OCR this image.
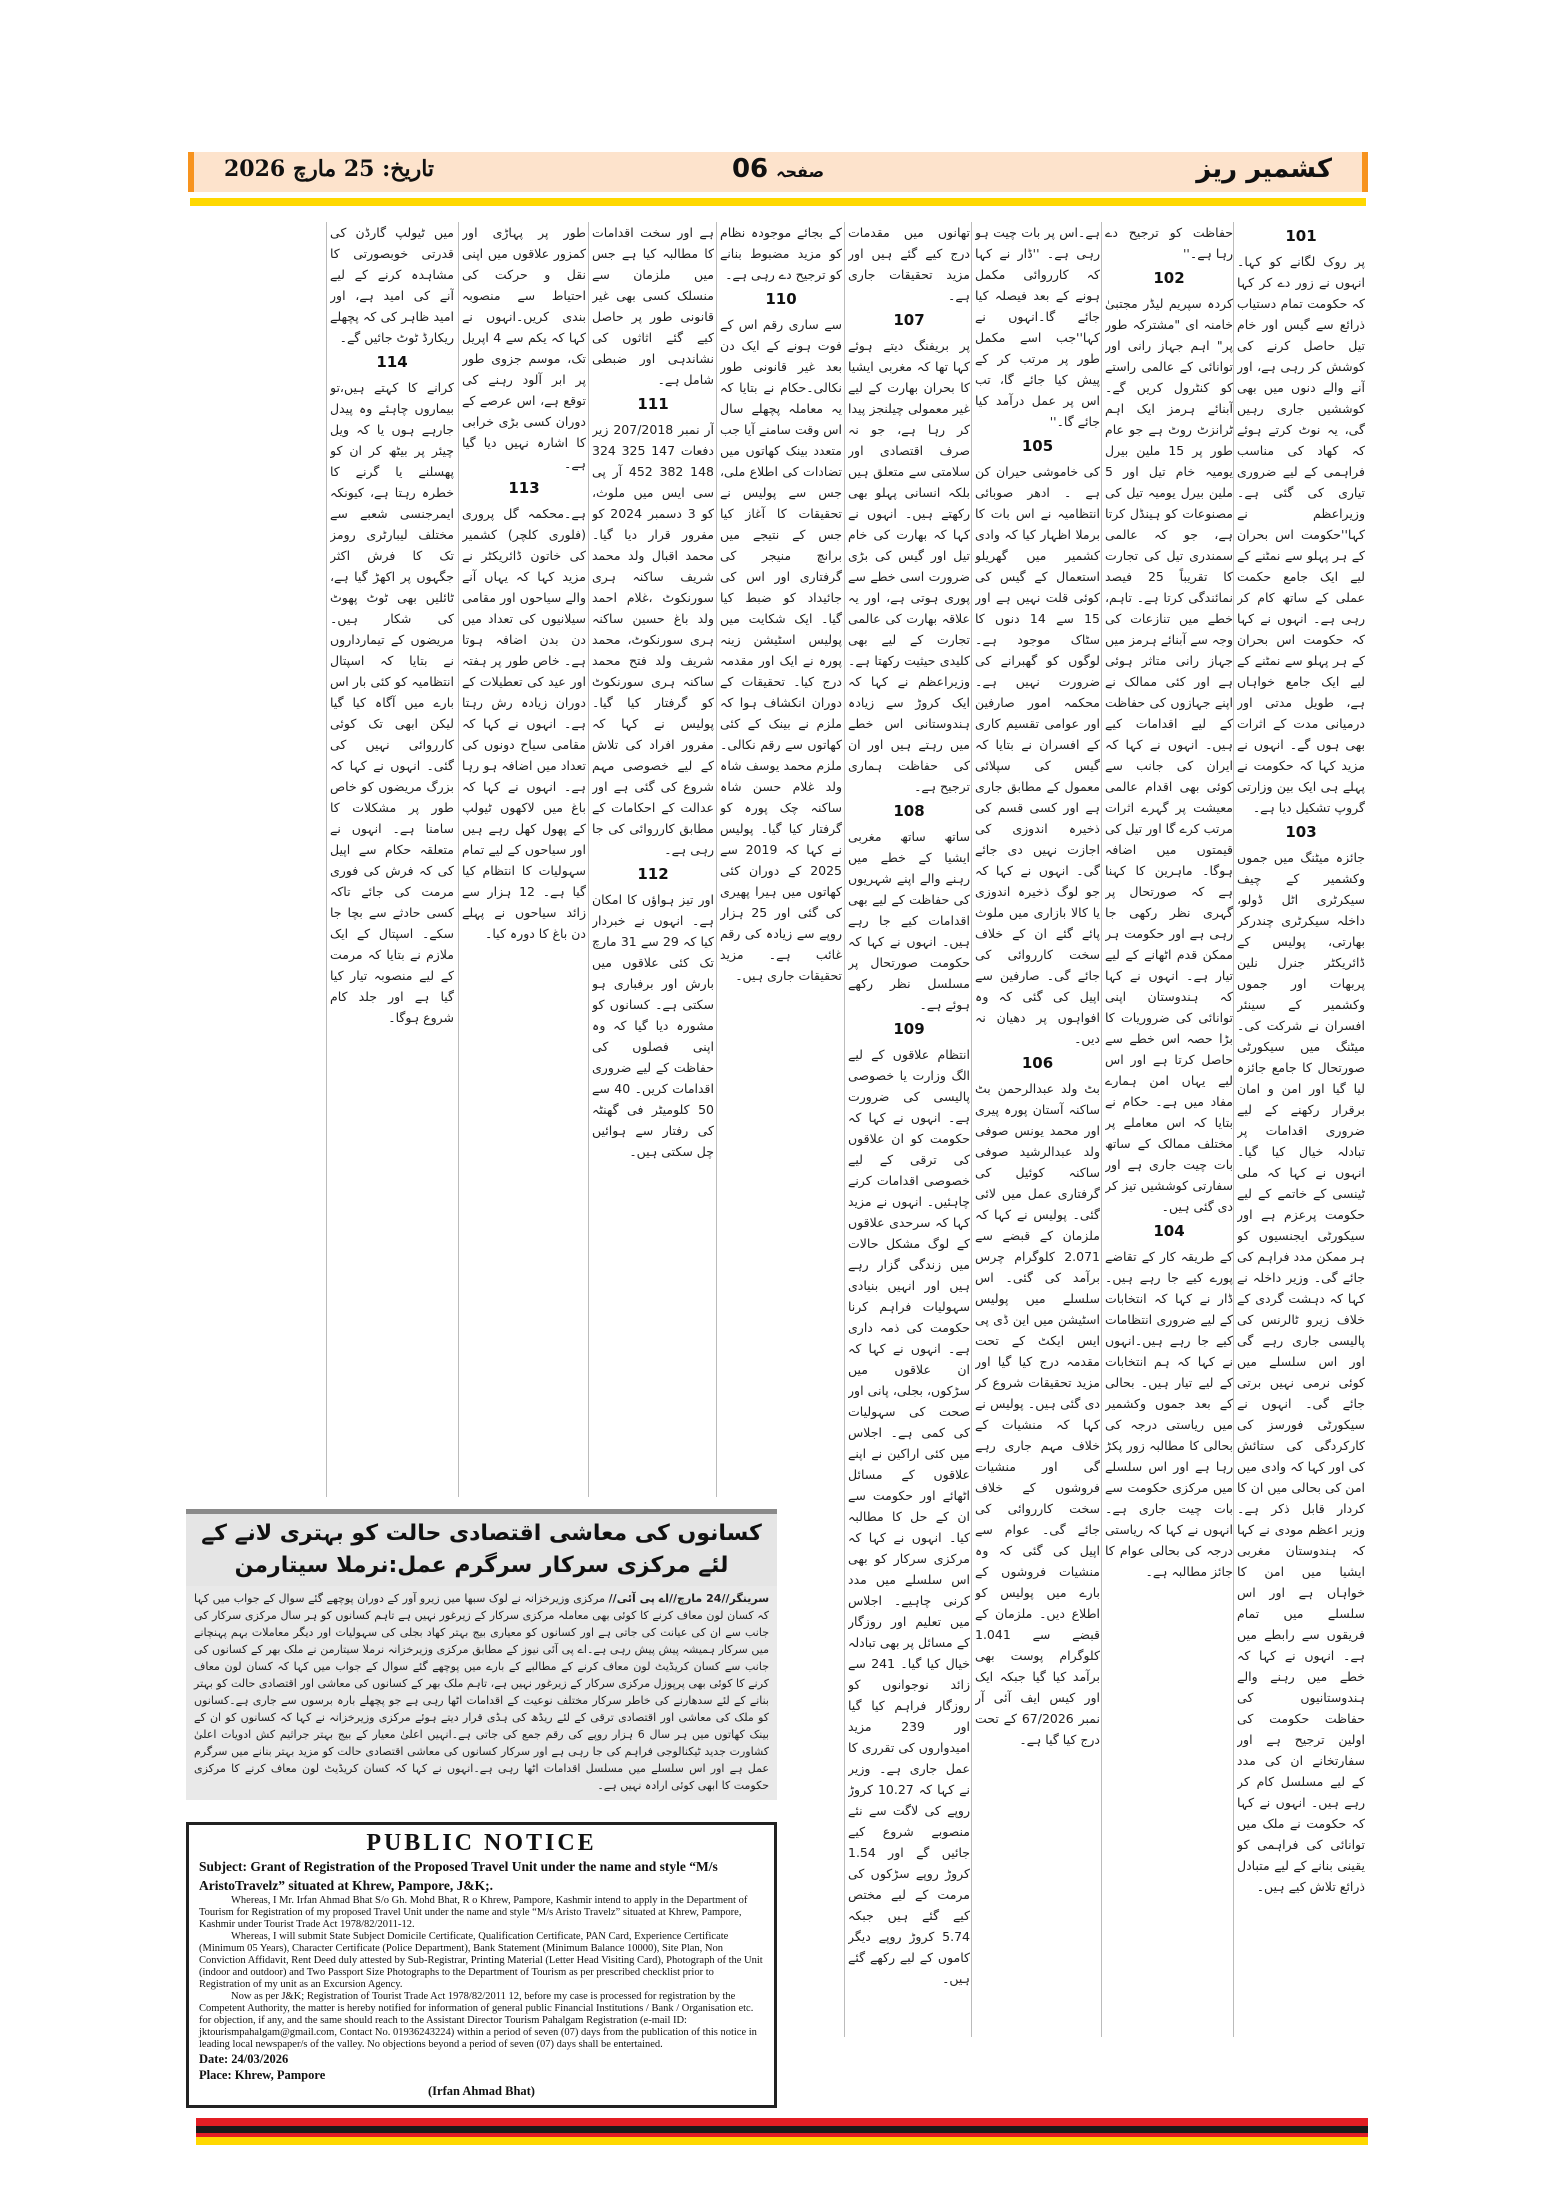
کشمیر ریز
صفحہ06
تاریخ: 25 مارچ 2026
101

پر روک لگانے کو کہا۔انہوں نے زور دے کر کہا کہ حکومت تمام دستیاب ذرائع سے گیس اور خام تیل حاصل کرنے کی کوشش کر رہی ہے، اور آنے والے دنوں میں بھی کوششیں جاری رہیں گی، یہ نوٹ کرتے ہوئے کہ کھاد کی مناسب فراہمی کے لیے ضروری تیاری کی گئی ہے۔وزیراعظم نے کہا''حکومت اس بحران کے ہر پہلو سے نمٹنے کے لیے ایک جامع حکمت عملی کے ساتھ کام کر رہی ہے۔ انہوں نے کہا کہ حکومت اس بحران کے ہر پہلو سے نمٹنے کے لیے ایک جامع خواہاں ہے، طویل مدتی اور درمیانی مدت کے اثرات بھی ہوں گے۔ انہوں نے مزید کہا کہ حکومت نے پہلے ہی ایک بین وزارتی گروپ تشکیل دیا ہے۔

103

جائزہ میٹنگ میں جموں وکشمیر کے چیف سیکرٹری اٹل ڈولو، داخلہ سیکرٹری چندرکر بھارتی، پولیس کے ڈائریکٹر جنرل نلین پربھات اور جموں وکشمیر کے سینئر افسران نے شرکت کی۔ میٹنگ میں سیکورٹی صورتحال کا جامع جائزہ لیا گیا اور امن و امان برقرار رکھنے کے لیے ضروری اقدامات پر تبادلہ خیال کیا گیا۔ انہوں نے کہا کہ ملی ٹینسی کے خاتمے کے لیے حکومت پرعزم ہے اور سیکورٹی ایجنسیوں کو ہر ممکن مدد فراہم کی جائے گی۔ وزیر داخلہ نے کہا کہ دہشت گردی کے خلاف زیرو ٹالرنس کی پالیسی جاری رہے گی اور اس سلسلے میں کوئی نرمی نہیں برتی جائے گی۔ انہوں نے سیکورٹی فورسز کی کارکردگی کی ستائش کی اور کہا کہ وادی میں امن کی بحالی میں ان کا کردار قابل ذکر ہے۔ وزیر اعظم مودی نے کہا کہ ہندوستان مغربی ایشیا میں امن کا خواہاں ہے اور اس سلسلے میں تمام فریقوں سے رابطے میں ہے۔ انہوں نے کہا کہ خطے میں رہنے والے ہندوستانیوں کی حفاظت حکومت کی اولین ترجیح ہے اور سفارتخانے ان کی مدد کے لیے مسلسل کام کر رہے ہیں۔ انہوں نے کہا کہ حکومت نے ملک میں توانائی کی فراہمی کو یقینی بنانے کے لیے متبادل ذرائع تلاش کیے ہیں۔

حفاظت کو ترجیح دے رہا ہے۔''

102

کردہ سپریم لیڈر مجتبیٰ خامنہ ای "مشترکہ طور پر" اہم جہاز رانی اور توانائی کے عالمی راستے کو کنٹرول کریں گے۔ آبنائے ہرمز ایک اہم ٹرانزٹ روٹ ہے جو عام طور پر 15 ملین بیرل یومیہ خام تیل اور 5 ملین بیرل یومیہ تیل کی مصنوعات کو ہینڈل کرتا ہے، جو کہ عالمی سمندری تیل کی تجارت کا تقریباً 25 فیصد نمائندگی کرتا ہے۔ تاہم، خطے میں تنازعات کی وجہ سے آبنائے ہرمز میں جہاز رانی متاثر ہوئی ہے اور کئی ممالک نے اپنے جہازوں کی حفاظت کے لیے اقدامات کیے ہیں۔ انہوں نے کہا کہ ایران کی جانب سے کوئی بھی اقدام عالمی معیشت پر گہرے اثرات مرتب کرے گا اور تیل کی قیمتوں میں اضافہ ہوگا۔ ماہرین کا کہنا ہے کہ صورتحال پر گہری نظر رکھی جا رہی ہے اور حکومت ہر ممکن قدم اٹھانے کے لیے تیار ہے۔ انہوں نے کہا کہ ہندوستان اپنی توانائی کی ضروریات کا بڑا حصہ اس خطے سے حاصل کرتا ہے اور اس لیے یہاں امن ہمارے مفاد میں ہے۔ حکام نے بتایا کہ اس معاملے پر مختلف ممالک کے ساتھ بات چیت جاری ہے اور سفارتی کوششیں تیز کر دی گئی ہیں۔

104

کے طریقہ کار کے تقاضے پورے کیے جا رہے ہیں۔ڈار نے کہا کہ انتخابات کے لیے ضروری انتظامات کیے جا رہے ہیں۔انہوں نے کہا کہ ہم انتخابات کے لیے تیار ہیں۔ بحالی کے بعد جموں وکشمیر میں ریاستی درجہ کی بحالی کا مطالبہ زور پکڑ رہا ہے اور اس سلسلے میں مرکزی حکومت سے بات چیت جاری ہے۔ انہوں نے کہا کہ ریاستی درجہ کی بحالی عوام کا جائز مطالبہ ہے۔

ہے۔اس پر بات چیت ہو رہی ہے۔ ''ڈار نے کہا کہ کارروائی مکمل ہونے کے بعد فیصلہ کیا جائے گا۔انہوں نے کہا''جب اسے مکمل طور پر مرتب کر کے پیش کیا جائے گا، تب اس پر عمل درآمد کیا جائے گا۔''

105

کی خاموشی حیران کن ہے ۔ ادھر صوبائی انتظامیہ نے اس بات کا برملا اظہار کیا کہ وادی کشمیر میں گھریلو استعمال کے گیس کی کوئی قلت نہیں ہے اور 15 سے 14 دنوں کا سٹاک موجود ہے۔ لوگوں کو گھبرانے کی ضرورت نہیں ہے۔ محکمہ امور صارفین اور عوامی تقسیم کاری کے افسران نے بتایا کہ گیس کی سپلائی معمول کے مطابق جاری ہے اور کسی قسم کی ذخیرہ اندوزی کی اجازت نہیں دی جائے گی۔ انہوں نے کہا کہ جو لوگ ذخیرہ اندوزی یا کالا بازاری میں ملوث پائے گئے ان کے خلاف سخت کارروائی کی جائے گی۔ صارفین سے اپیل کی گئی کہ وہ افواہوں پر دھیان نہ دیں۔

106

بٹ ولد عبدالرحمن بٹ ساکنہ آستان پورہ پیری اور محمد یونس صوفی ولد عبدالرشید صوفی ساکنہ کوئیل کی گرفتاری عمل میں لائی گئی۔ پولیس نے کہا کہ ملزمان کے قبضے سے 2.071 کلوگرام چرس برآمد کی گئی۔ اس سلسلے میں پولیس اسٹیشن میں این ڈی پی ایس ایکٹ کے تحت مقدمہ درج کیا گیا اور مزید تحقیقات شروع کر دی گئی ہیں۔ پولیس نے کہا کہ منشیات کے خلاف مہم جاری رہے گی اور منشیات فروشوں کے خلاف سخت کارروائی کی جائے گی۔ عوام سے اپیل کی گئی کہ وہ منشیات فروشوں کے بارے میں پولیس کو اطلاع دیں۔ ملزمان کے قبضے سے 1.041 کلوگرام پوست بھی برآمد کیا گیا جبکہ ایک اور کیس ایف آئی آر نمبر 67/2026 کے تحت درج کیا گیا ہے۔

تھانوں میں مقدمات درج کیے گئے ہیں اور مزید تحقیقات جاری ہے۔

107

پر بریفنگ دیتے ہوئے کہا تھا کہ مغربی ایشیا کا بحران بھارت کے لیے غیر معمولی چیلنجز پیدا کر رہا ہے، جو نہ صرف اقتصادی اور سلامتی سے متعلق ہیں بلکہ انسانی پہلو بھی رکھتے ہیں۔ انہوں نے کہا کہ بھارت کی خام تیل اور گیس کی بڑی ضرورت اسی خطے سے پوری ہوتی ہے، اور یہ علاقہ بھارت کی عالمی تجارت کے لیے بھی کلیدی حیثیت رکھتا ہے۔ وزیراعظم نے کہا کہ ایک کروڑ سے زیادہ ہندوستانی اس خطے میں رہتے ہیں اور ان کی حفاظت ہماری ترجیح ہے۔

108

ساتھ ساتھ مغربی ایشیا کے خطے میں رہنے والے اپنے شہریوں کی حفاظت کے لیے بھی اقدامات کیے جا رہے ہیں۔ انہوں نے کہا کہ حکومت صورتحال پر مسلسل نظر رکھے ہوئے ہے۔

109

انتظام علاقوں کے لیے الگ وزارت یا خصوصی پالیسی کی ضرورت ہے۔ انہوں نے کہا کہ حکومت کو ان علاقوں کی ترقی کے لیے خصوصی اقدامات کرنے چاہئیں۔ انہوں نے مزید کہا کہ سرحدی علاقوں کے لوگ مشکل حالات میں زندگی گزار رہے ہیں اور انہیں بنیادی سہولیات فراہم کرنا حکومت کی ذمہ داری ہے۔ انہوں نے کہا کہ ان علاقوں میں سڑکوں، بجلی، پانی اور صحت کی سہولیات کی کمی ہے۔ اجلاس میں کئی اراکین نے اپنے علاقوں کے مسائل اٹھائے اور حکومت سے ان کے حل کا مطالبہ کیا۔ انہوں نے کہا کہ مرکزی سرکار کو بھی اس سلسلے میں مدد کرنی چاہیے۔ اجلاس میں تعلیم اور روزگار کے مسائل پر بھی تبادلہ خیال کیا گیا۔ 241 سے زائد نوجوانوں کو روزگار فراہم کیا گیا اور 239 مزید امیدواروں کی تقرری کا عمل جاری ہے۔ وزیر نے کہا کہ 10.27 کروڑ روپے کی لاگت سے نئے منصوبے شروع کیے جائیں گے اور 1.54 کروڑ روپے سڑکوں کی مرمت کے لیے مختص کیے گئے ہیں جبکہ 5.74 کروڑ روپے دیگر کاموں کے لیے رکھے گئے ہیں۔

کے بجائے موجودہ نظام کو مزید مضبوط بنانے کو ترجیح دے رہی ہے۔

110

سے ساری رقم اس کے فوت ہونے کے ایک دن بعد غیر قانونی طور نکالی۔حکام نے بتایا کہ یہ معاملہ پچھلے سال اس وقت سامنے آیا جب متعدد بینک کھاتوں میں تضادات کی اطلاع ملی، جس سے پولیس نے تحقیقات کا آغاز کیا جس کے نتیجے میں برانچ منیجر کی گرفتاری اور اس کی جائیداد کو ضبط کیا گیا۔ ایک شکایت میں پولیس اسٹیشن زینہ پورہ نے ایک اور مقدمہ درج کیا۔ تحقیقات کے دوران انکشاف ہوا کہ ملزم نے بینک کے کئی کھاتوں سے رقم نکالی۔ ملزم محمد یوسف شاہ ولد غلام حسن شاہ ساکنہ چک پورہ کو گرفتار کیا گیا۔ پولیس نے کہا کہ 2019 سے 2025 کے دوران کئی کھاتوں میں ہیرا پھیری کی گئی اور 25 ہزار روپے سے زیادہ کی رقم غائب ہے۔ مزید تحقیقات جاری ہیں۔

ہے اور سخت اقدامات کا مطالبہ کیا ہے جس میں ملزمان سے منسلک کسی بھی غیر قانونی طور پر حاصل کیے گئے اثاثوں کی نشاندہی اور ضبطی شامل ہے۔

111

آر نمبر 207/2018 زیر دفعات 147 325 324 148 382 452 آر پی سی ایس میں ملوث، کو 3 دسمبر 2024 کو مفرور قرار دیا گیا۔محمد اقبال ولد محمد شریف ساکنہ ہری سورنکوٹ ،غلام احمد ولد باغ حسین ساکنہ ہری سورنکوٹ، محمد شریف ولد فتح محمد ساکنہ ہری سورنکوٹ کو گرفتار کیا گیا۔ پولیس نے کہا کہ مفرور افراد کی تلاش کے لیے خصوصی مہم شروع کی گئی ہے اور عدالت کے احکامات کے مطابق کارروائی کی جا رہی ہے۔

112

اور تیز ہواؤں کا امکان ہے۔ انہوں نے خبردار کیا کہ 29 سے 31 مارچ تک کئی علاقوں میں بارش اور برفباری ہو سکتی ہے۔ کسانوں کو مشورہ دیا گیا کہ وہ اپنی فصلوں کی حفاظت کے لیے ضروری اقدامات کریں۔ 40 سے 50 کلومیٹر فی گھنٹہ کی رفتار سے ہوائیں چل سکتی ہیں۔

طور پر پہاڑی اور کمزور علاقوں میں اپنی نقل و حرکت کی احتیاط سے منصوبہ بندی کریں۔انہوں نے کہا کہ یکم سے 4 اپریل تک، موسم جزوی طور پر ابر آلود رہنے کی توقع ہے، اس عرصے کے دوران کسی بڑی خرابی کا اشارہ نہیں دیا گیا ہے۔

113

ہے۔محکمہ گل پروری (فلوری کلچر) کشمیر کی خاتون ڈائریکٹر نے مزید کہا کہ یہاں آنے والے سیاحوں اور مقامی سیلانیوں کی تعداد میں دن بدن اضافہ ہوتا ہے۔ خاص طور پر ہفتہ اور عید کی تعطیلات کے دوران زیادہ رش رہتا ہے۔ انہوں نے کہا کہ مقامی سیاح دونوں کی تعداد میں اضافہ ہو رہا ہے۔ انہوں نے کہا کہ باغ میں لاکھوں ٹیولپ کے پھول کھل رہے ہیں اور سیاحوں کے لیے تمام سہولیات کا انتظام کیا گیا ہے۔ 12 ہزار سے زائد سیاحوں نے پہلے دن باغ کا دورہ کیا۔

میں ٹیولپ گارڈن کی قدرتی خوبصورتی کا مشاہدہ کرنے کے لیے آنے کی امید ہے، اور امید ظاہر کی کہ پچھلے ریکارڈ ٹوٹ جائیں گے۔

114

کرانے کا کہتے ہیں،تو بیماروں چاہئے وہ پیدل جارہے ہوں یا کہ ویل چیئر پر بیٹھ کر ان کو پھسلنے یا گرنے کا خطرہ رہتا ہے، کیونکہ ایمرجنسی شعبے سے مختلف لیبارٹری رومز تک کا فرش اکثر جگہوں پر اکھڑ گیا ہے، ٹائلیں بھی ٹوٹ پھوٹ کی شکار ہیں۔ مریضوں کے تیمارداروں نے بتایا کہ اسپتال انتظامیہ کو کئی بار اس بارے میں آگاہ کیا گیا لیکن ابھی تک کوئی کارروائی نہیں کی گئی۔ انہوں نے کہا کہ بزرگ مریضوں کو خاص طور پر مشکلات کا سامنا ہے۔ انہوں نے متعلقہ حکام سے اپیل کی کہ فرش کی فوری مرمت کی جائے تاکہ کسی حادثے سے بچا جا سکے۔ اسپتال کے ایک ملازم نے بتایا کہ مرمت کے لیے منصوبہ تیار کیا گیا ہے اور جلد کام شروع ہوگا۔

کسانوں کی معاشی اقتصادی حالت کو بہتری لانے کے لئے مرکزی سرکار سرگرم عمل:نرملا سیتارمن
سرینگر//24 مارچ//اے پی آئی// مرکزی وزیرخزانہ نے لوک سبھا میں زیرو آور کے دوران پوچھے گئے سوال کے جواب میں کہا کہ کسان لون معاف کرنے کا کوئی بھی معاملہ مرکزی سرکار کے زیرغور نہیں ہے تاہم کسانوں کو ہر سال مرکزی سرکار کی جانب سے ان کی عیانت کی جاتی ہے اور کسانوں کو معیاری بیج بہتر کھاد بجلی کی سہولیات اور دیگر معاملات بہم پہنچانے میں سرکار ہمیشہ پیش پیش رہی ہے۔اے پی آئی نیوز کے مطابق مرکزی وزیرخزانہ نرملا سیتارمن نے ملک بھر کے کسانوں کی جانب سے کسان کریڈیٹ لون معاف کرنے کے مطالبے کے بارے میں پوچھے گئے سوال کے جواب میں کہا کہ کسان لون معاف کرنے کا کوئی بھی پرپوزل مرکزی سرکار کے زیرغور نہیں ہے، تاہم ملک بھر کے کسانوں کی معاشی اور اقتصادی حالت کو بہتر بنانے کے لئے سدھارنے کی خاطر سرکار مختلف نوعیت کے اقدامات اٹھا رہی ہے جو پچھلے بارہ برسوں سے جاری ہے۔کسانوں کو ملک کی معاشی اور اقتصادی ترقی کے لئے ریڈھ کی ہڈی قرار دیتے ہوئے مرکزی وزیرخزانہ نے کہا کہ کسانوں کو ان کے بینک کھاتوں میں ہر سال 6 ہزار روپے کی رقم جمع کی جاتی ہے۔انہیں اعلیٰ معیار کے بیج بہتر جراثیم کش ادویات اعلیٰ کشاورت جدید ٹیکنالوجی فراہم کی جا رہی ہے اور سرکار کسانوں کی معاشی اقتصادی حالت کو مزید بہتر بنانے میں سرگرم عمل ہے اور اس سلسلے میں مسلسل اقدامات اٹھا رہی ہے۔انہوں نے کہا کہ کسان کریڈیٹ لون معاف کرنے کا مرکزی حکومت کا ابھی کوئی ارادہ نہیں ہے۔
PUBLIC NOTICE
Subject: Grant of Registration of the Proposed Travel Unit under the name and style “M/s AristoTravelz” situated at Khrew, Pampore, J&K;.

Whereas, I Mr. Irfan Ahmad Bhat S/o Gh. Mohd Bhat, R o Khrew, Pampore, Kashmir intend to apply in the Department of Tourism for Registration of my proposed Travel Unit under the name and style “M/s Aristo Travelz” situated at Khrew, Pampore, Kashmir under Tourist Trade Act 1978/82/2011-12.

Whereas, I will submit State Subject Domicile Certificate, Qualification Certificate, PAN Card, Experience Certificate (Minimum 05 Years), Character Certificate (Police Department), Bank Statement (Minimum Balance 10000), Site Plan, Non Conviction Affidavit, Rent Deed duly attested by Sub-Registrar, Printing Material (Letter Head Visiting Card), Photograph of the Unit (indoor and outdoor) and Two Passport Size Photographs to the Department of Tourism as per prescribed checklist prior to Registration of my unit as an Excursion Agency.

Now as per J&K; Registration of Tourist Trade Act 1978/82/2011 12, before my case is processed for registration by the Competent Authority, the matter is hereby notified for information of general public Financial Institutions / Bank / Organisation etc. for objection, if any, and the same should reach to the Assistant Director Tourism Pahalgam Registration (e-mail ID: jktourismpahalgam@gmail.com, Contact No. 01936243224) within a period of seven (07) days from the publication of this notice in leading local newspaper/s of the valley. No objections beyond a period of seven (07) days shall be entertained.

Date: 24/03/2026
Place: Khrew, Pampore
(Irfan Ahmad Bhat)
